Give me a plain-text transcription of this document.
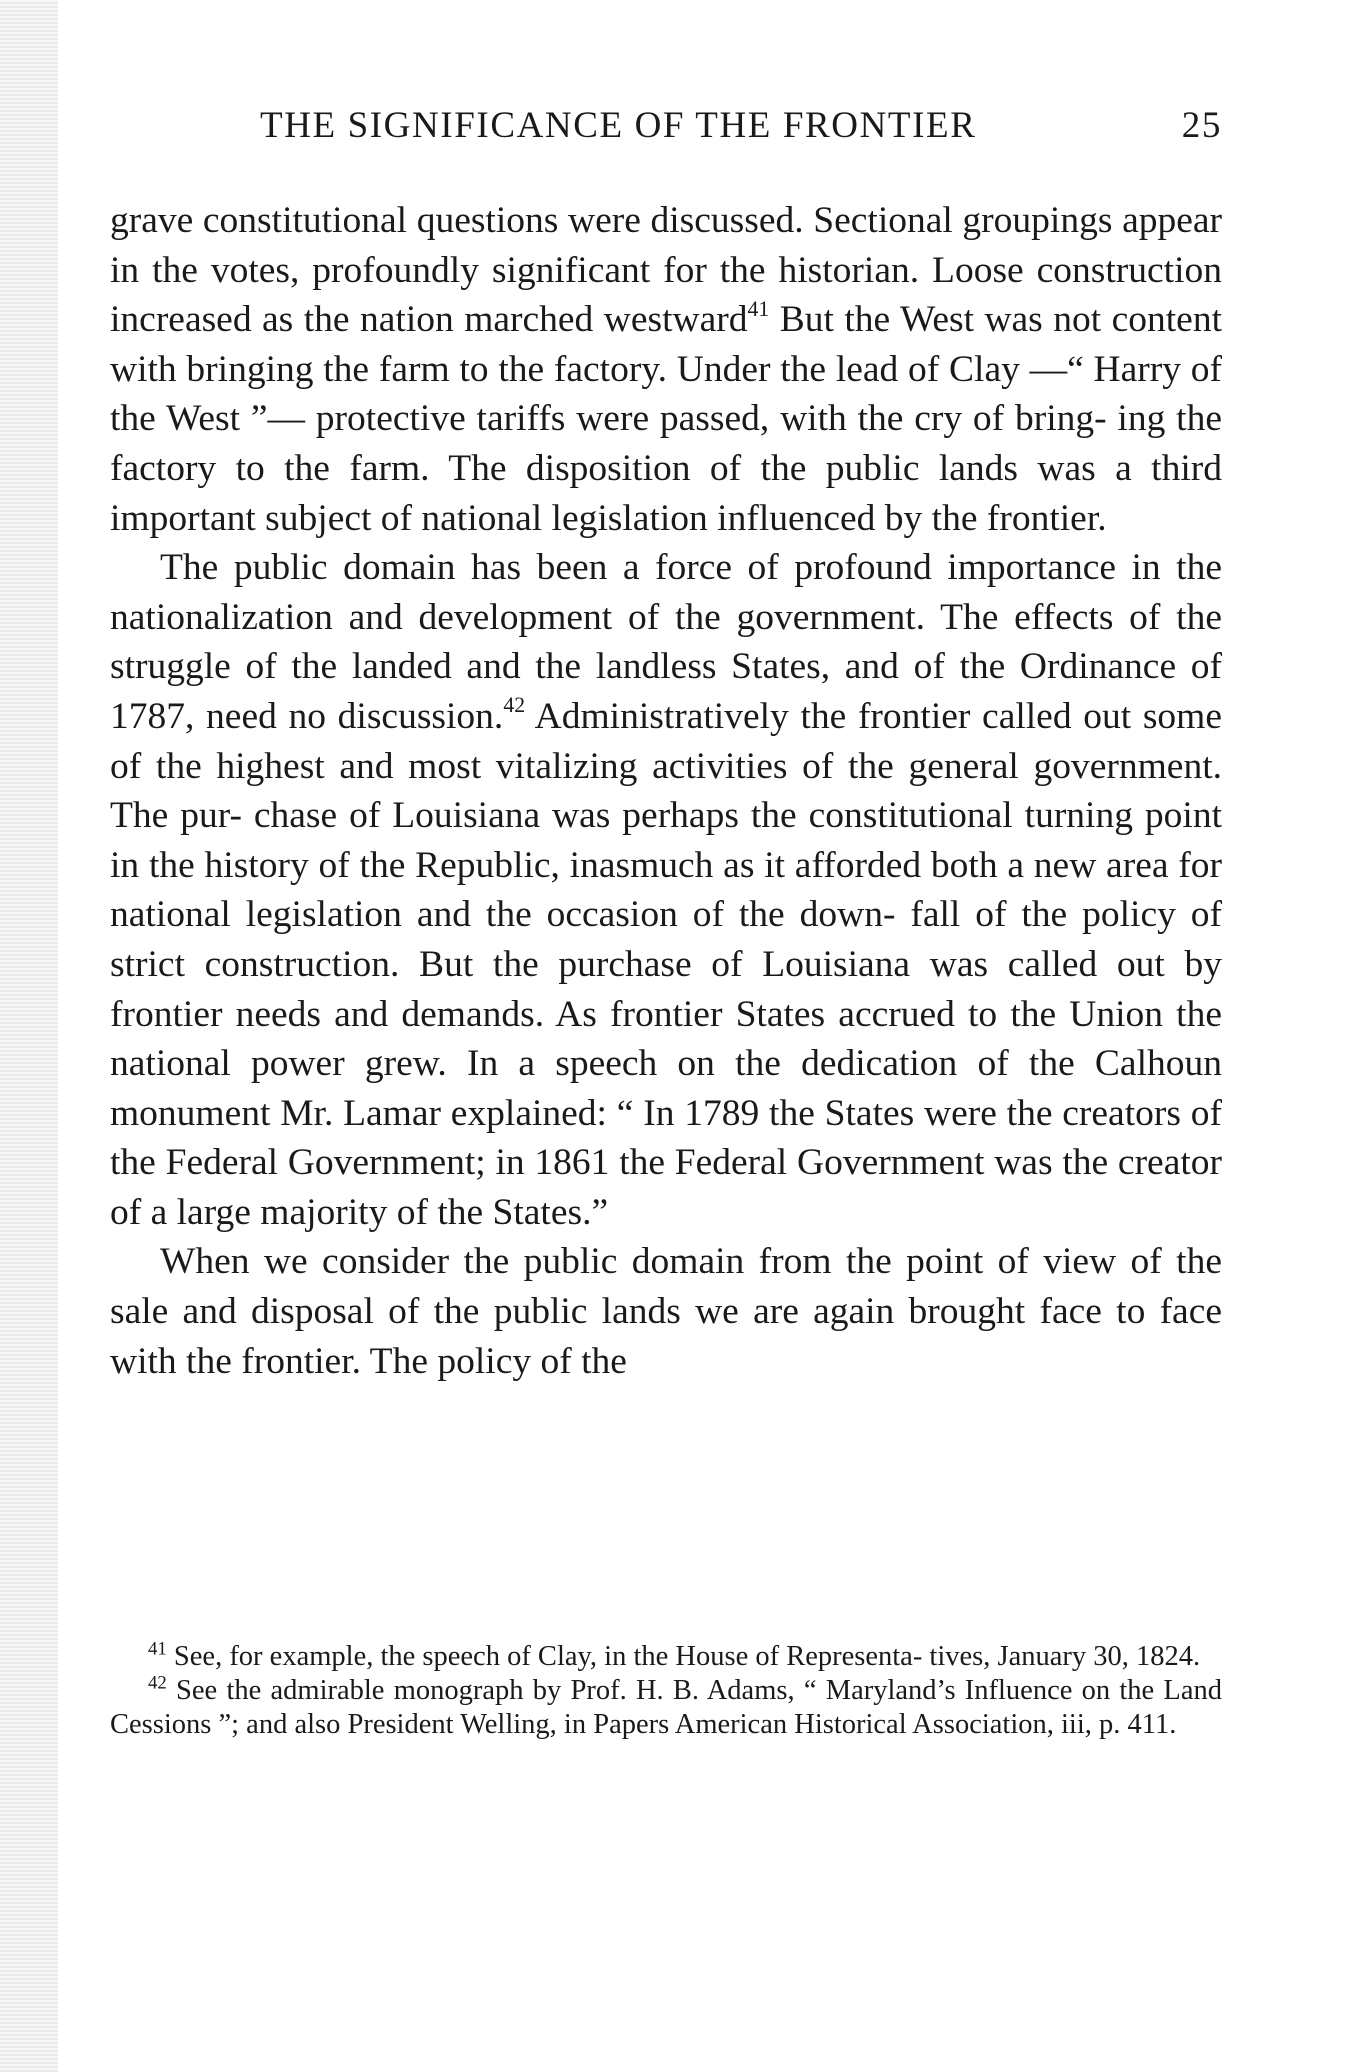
THE SIGNIFICANCE OF THE FRONTIER	25

grave constitutional questions were discussed. Sectional groupings appear in the votes, profoundly significant for the historian. Loose construction increased as the nation marched westward$^{41}$ But the West was not content with bringing the farm to the factory. Under the lead of Clay —“ Harry of the West ”— protective tariffs were passed, with the cry of bring- ing the factory to the farm. The disposition of the public lands was a third important subject of national legislation influenced by the frontier.

The public domain has been a force of profound importance in the nationalization and development of the government. The effects of the struggle of the landed and the landless States, and of the Ordinance of 1787, need no discussion.$^{42}$ Administratively the frontier called out some of the highest and most vitalizing activities of the general government. The pur- chase of Louisiana was perhaps the constitutional turning point in the history of the Republic, inasmuch as it afforded both a new area for national legislation and the occasion of the down- fall of the policy of strict construction. But the purchase of Louisiana was called out by frontier needs and demands. As frontier States accrued to the Union the national power grew. In a speech on the dedication of the Calhoun monument Mr. Lamar explained: “ In 1789 the States were the creators of the Federal Government; in 1861 the Federal Government was the creator of a large majority of the States.”

When we consider the public domain from the point of view of the sale and disposal of the public lands we are again brought face to face with the frontier. The policy of the

$^{41}$ See, for example, the speech of Clay, in the House of Representa- tives, January 30, 1824.

$^{42}$ See the admirable monograph by Prof. H. B. Adams, “ Maryland’s Influence on the Land Cessions ”; and also President Welling, in Papers American Historical Association, iii, p. 411.
